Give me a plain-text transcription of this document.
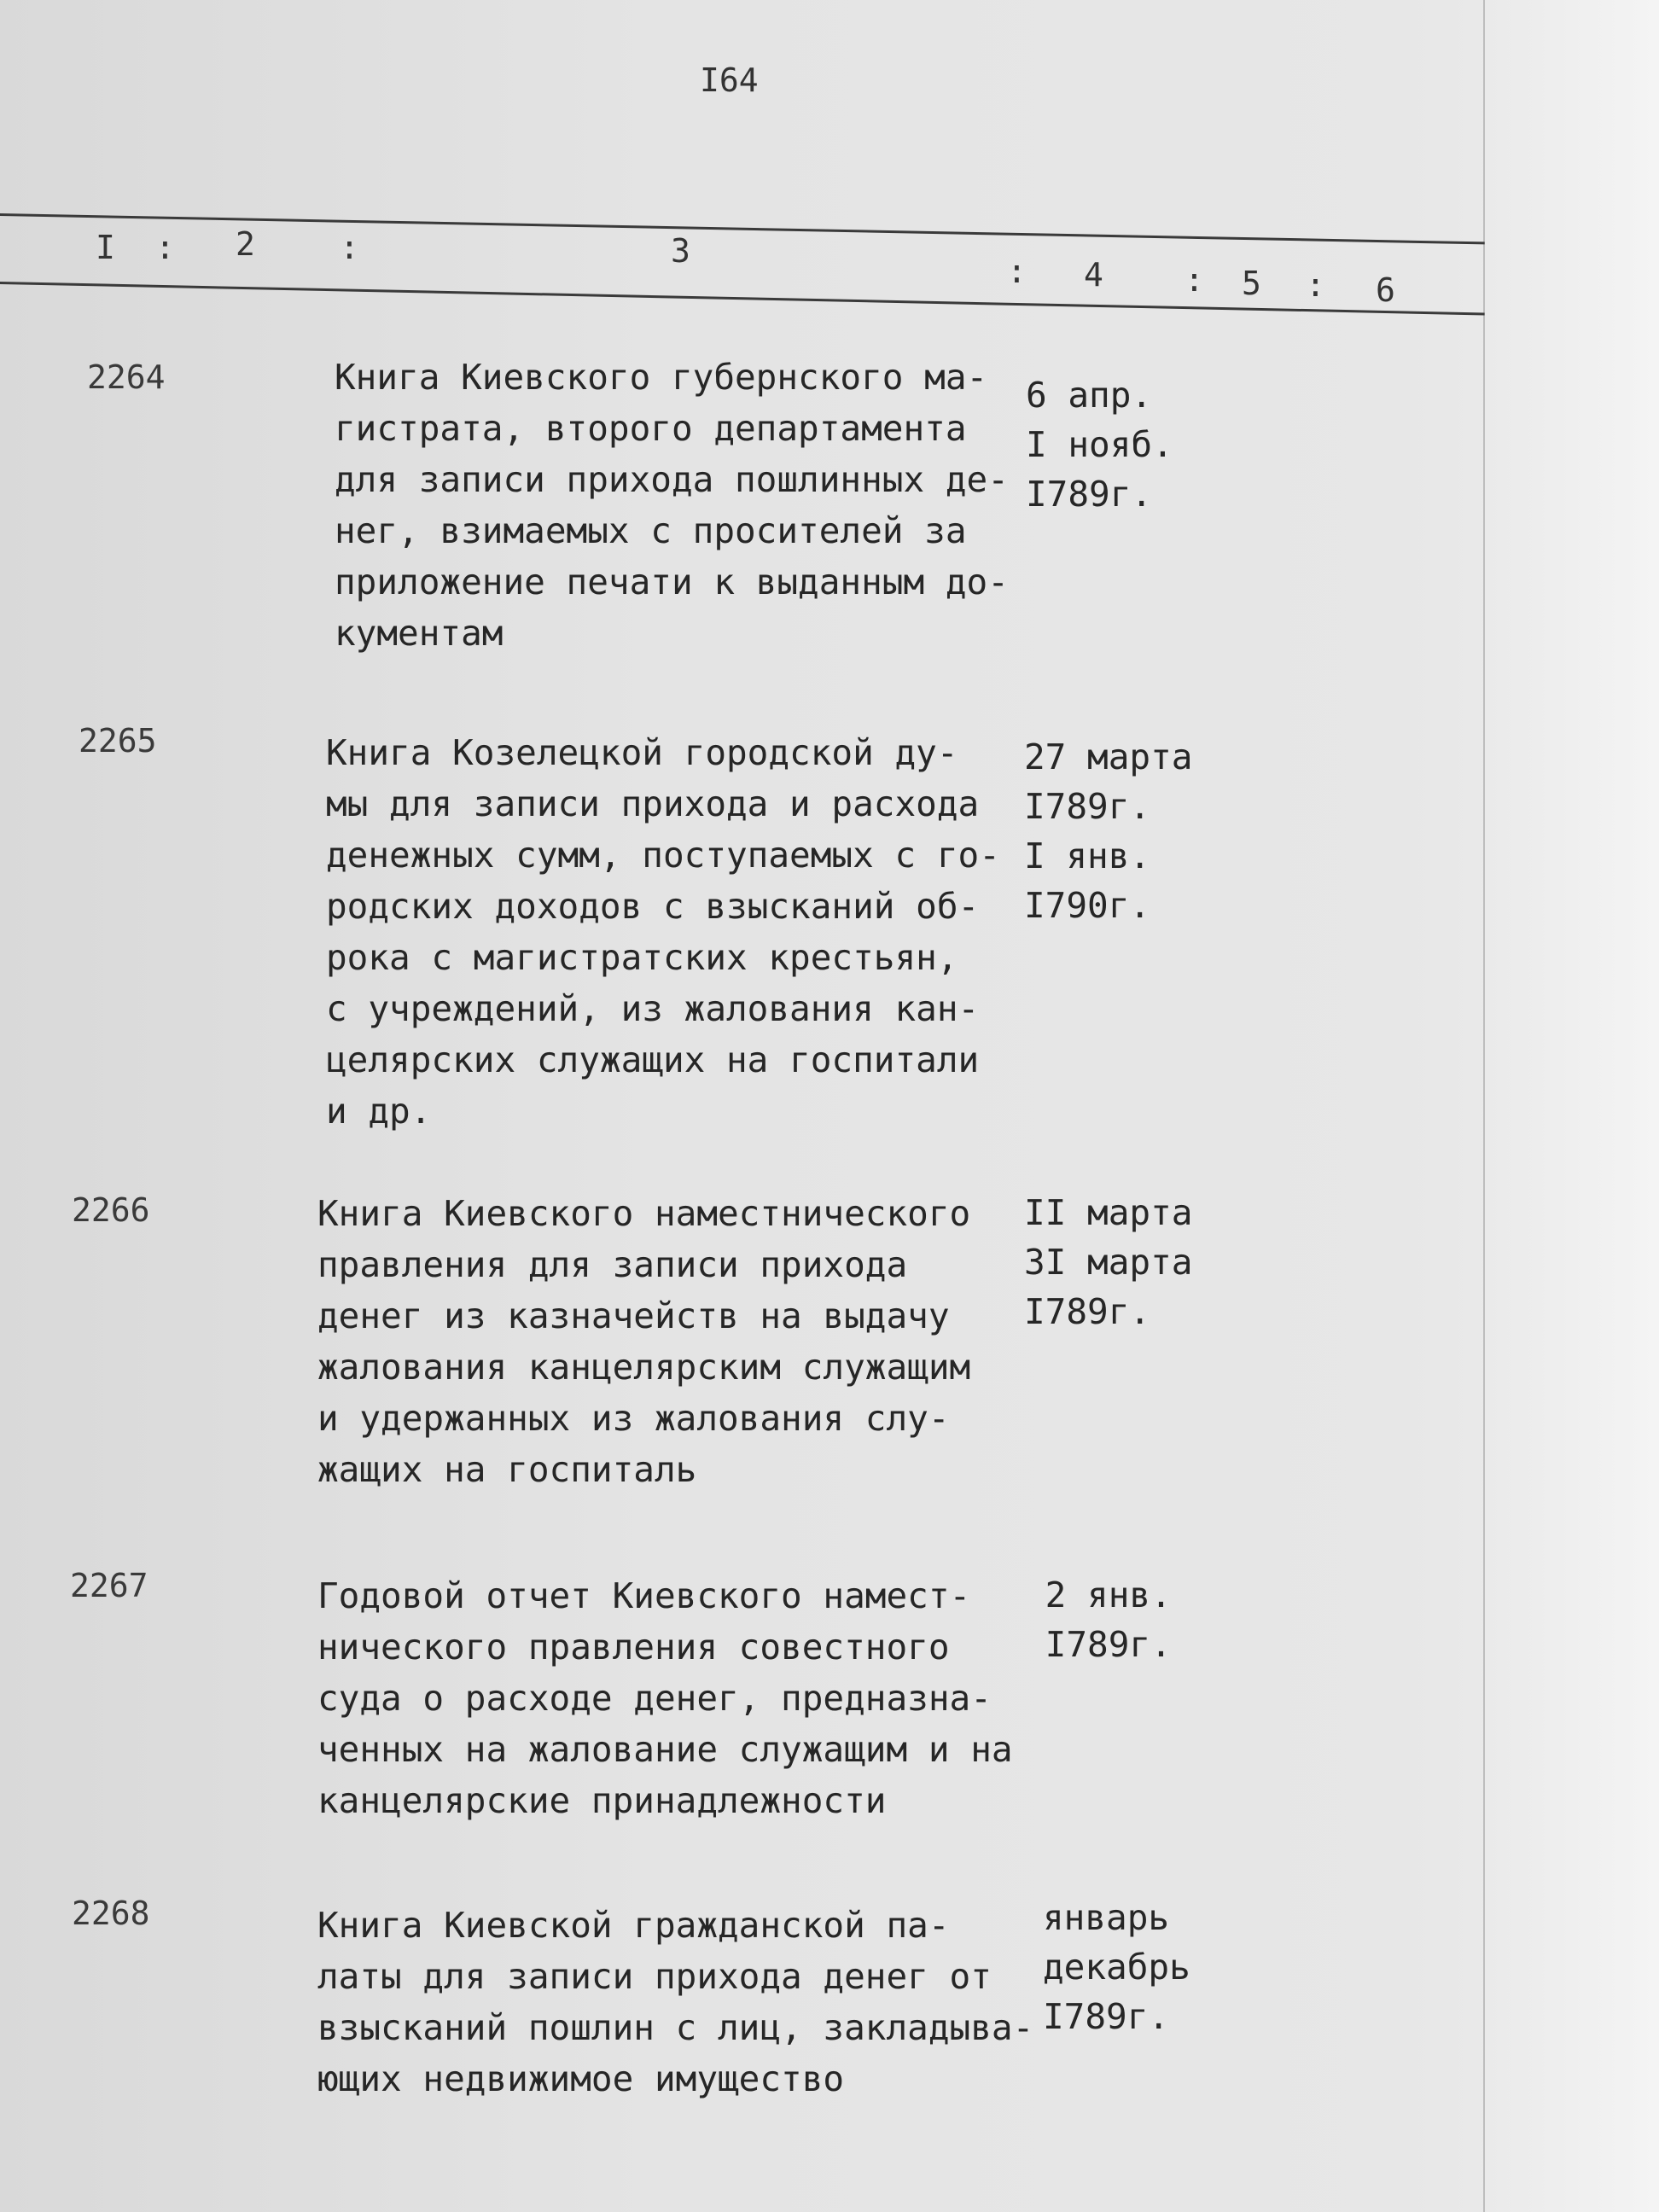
I64
I : 2	:	3
: 4	: 5 : 6
2264	Книга Киевского губернского ма-
гистрата, второго департамента
для записи прихода пошлинных де-
нег, взимаемых с просителей за
приложение печати к выданным до-
кументам
6 апр.
I нояб.
I789г.
2265	Книга Козелецкой городской ду-
мы для записи прихода и расхода
денежных сумм, поступаемых с го-
родских доходов с взысканий об-
рока с магистратских крестьян,
с учреждений, из жалования кан-
целярских служащих на госпитали
и др.
27 марта
I789г.
I янв.
I790г.
2266	Книга Киевского наместнического
правления для записи прихода
денег из казначейств на выдачу
жалования канцелярским служащим
и удержанных из жалования слу-
жащих на госпиталь
II марта
3I марта
I789г.
2267	Годовой отчет Киевского намест-
нического правления совестного
суда о расходе денег, предназна-
ченных на жалование служащим и на
канцелярские принадлежности
2 янв.
I789г.
2268	Книга Киевской гражданской па-
латы для записи прихода денег от
взысканий пошлин с лиц, закладыва-
ющих недвижимое имущество
январь
декабрь
I789г.
